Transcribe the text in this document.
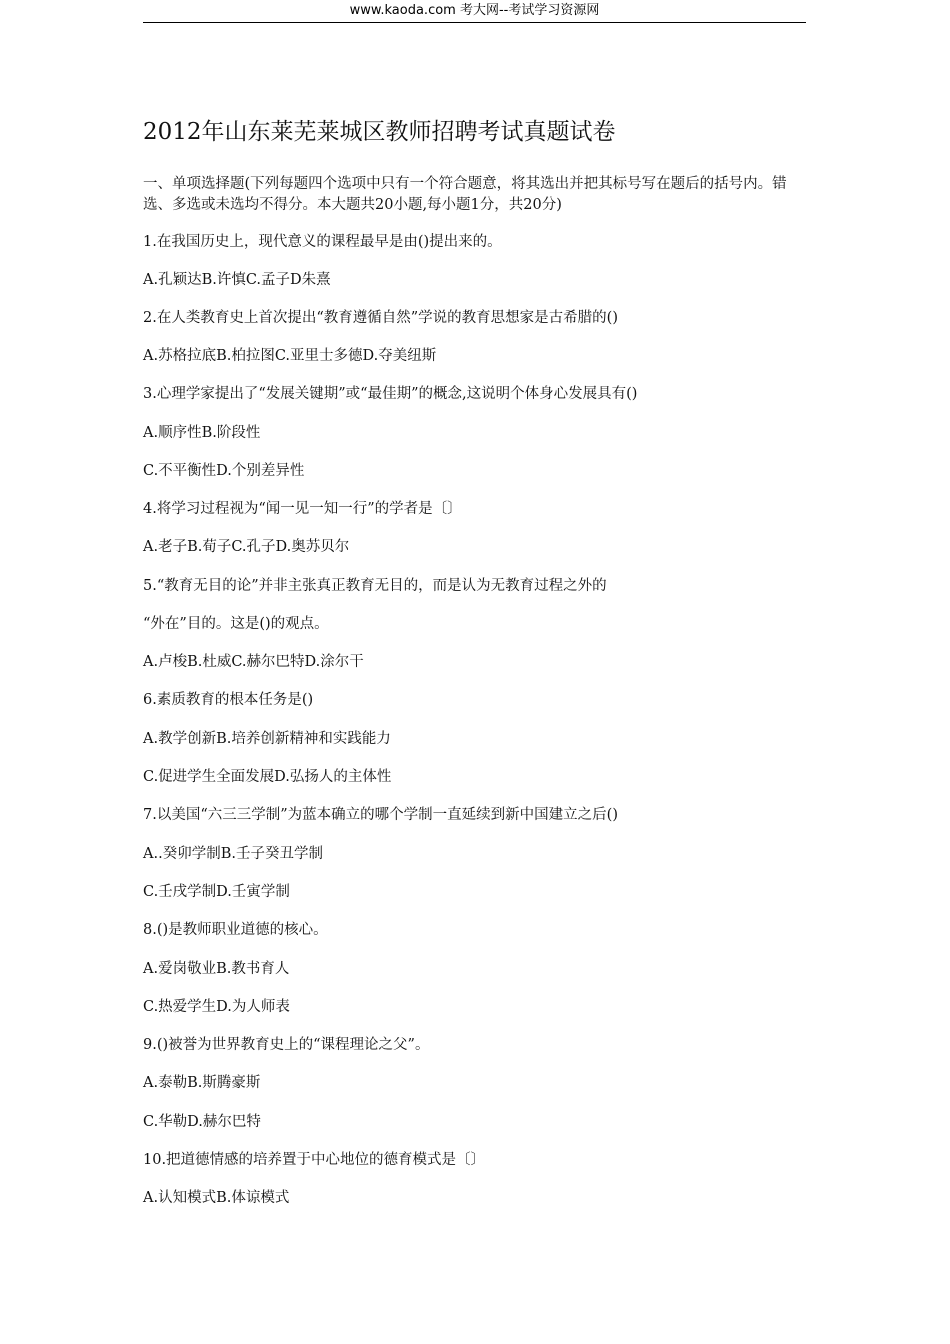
www.kaoda.com 考大网--考试学习资源网
2012年山东莱芜莱城区教师招聘考试真题试卷
一、单项选择题(下列每题四个选项中只有一个符合题意，将其选出并把其标号写在题后的括号内。错选、多选或未选均不得分。本大题共20小题,每小题1分，共20分)
1.在我国历史上，现代意义的课程最早是由()提出来的。
A.孔颖达B.许慎C.孟子D朱熹
2.在人类教育史上首次提出“教育遵循自然”学说的教育思想家是古希腊的()
A.苏格拉底B.柏拉图C.亚里士多德D.夺美纽斯
3.心理学家提出了“发展关键期”或“最佳期”的概念,这说明个体身心发展具有()
A.顺序性B.阶段性
C.不平衡性D.个别差异性
4.将学习过程视为“闻一见一知一行”的学者是〔〕
A.老子B.荀子C.孔子D.奥苏贝尔
5.“教育无目的论”并非主张真正教育无目的，而是认为无教育过程之外的
“外在”目的。这是()的观点。
A.卢梭B.杜威C.赫尔巴特D.涂尔干
6.素质教育的根本任务是()
A.教学创新B.培养创新精神和实践能力
C.促进学生全面发展D.弘扬人的主体性
7.以美国“六三三学制”为蓝本确立的哪个学制一直延续到新中国建立之后()
A..癸卯学制B.壬子癸丑学制
C.壬戌学制D.壬寅学制
8.()是教师职业道德的核心。
A.爱岗敬业B.教书育人
C.热爱学生D.为人师表
9.()被誉为世界教育史上的“课程理论之父”。
A.泰勒B.斯腾豪斯
C.华勒D.赫尔巴特
10.把道德情感的培养置于中心地位的德育模式是〔〕
A.认知模式B.体谅模式
